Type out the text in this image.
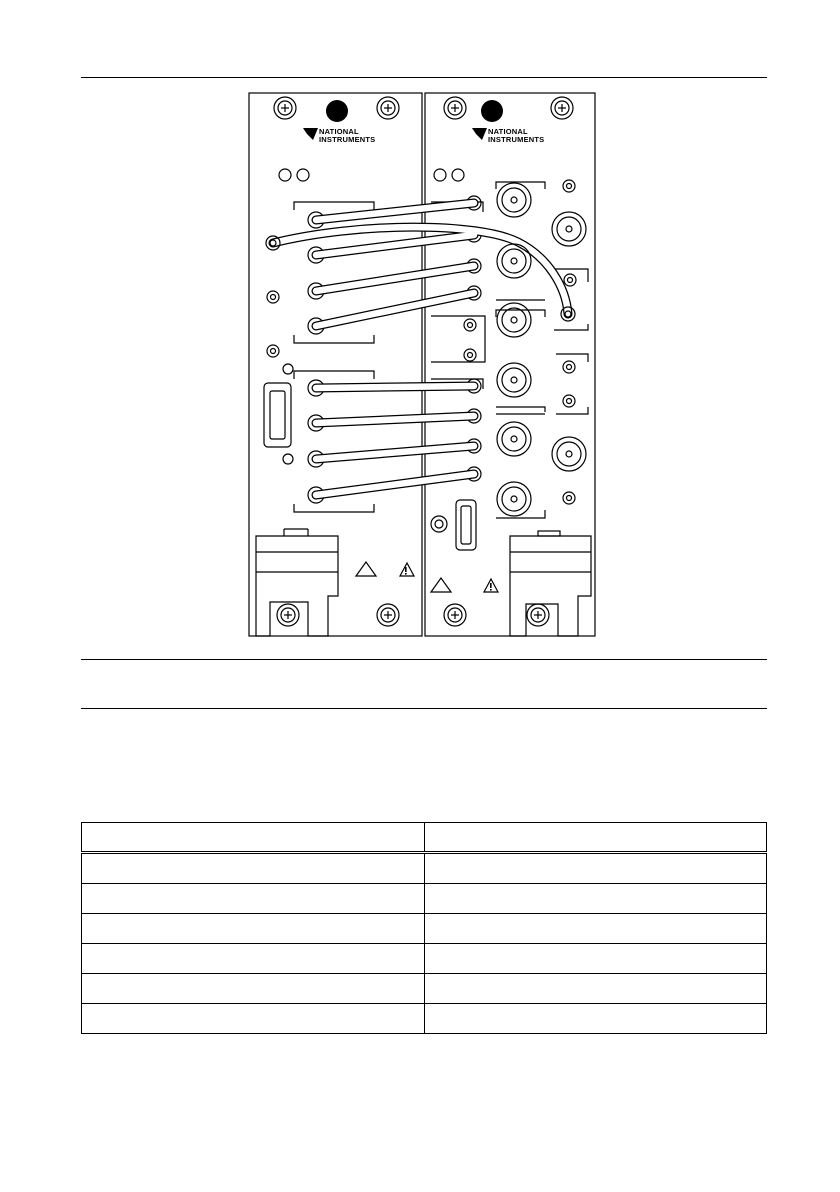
NATIONAL
INSTRUMENTS
NATIONAL
INSTRUMENTS
